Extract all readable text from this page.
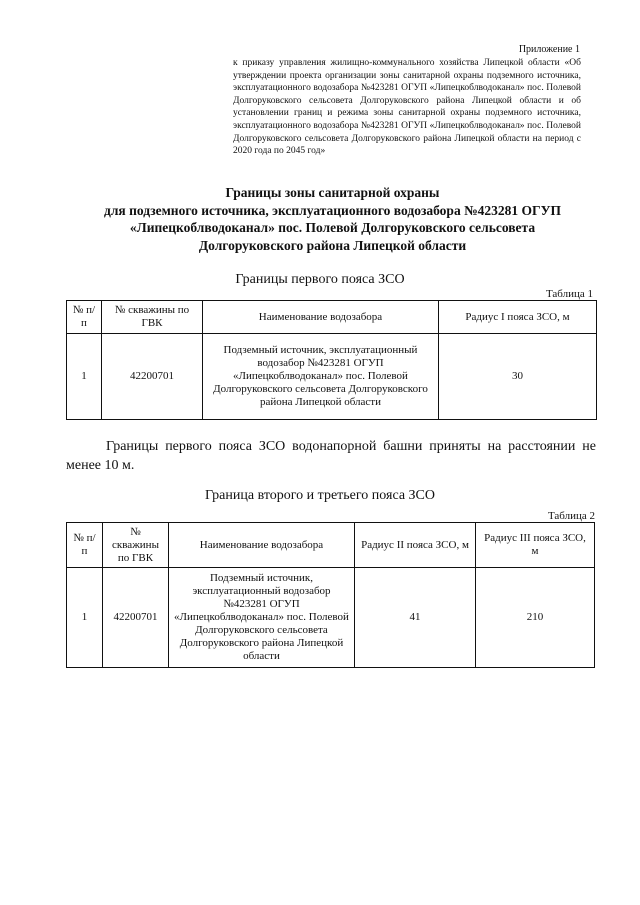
Приложение 1
к приказу управления жилищно-коммунального хозяйства Липецкой области «Об утверждении проекта организации зоны санитарной охраны подземного источника, эксплуатационного водозабора №423281 ОГУП «Липецкоблводоканал» пос. Полевой Долгоруковского сельсовета Долгоруковского района Липецкой области и об установлении границ и режима зоны санитарной охраны подземного источника, эксплуатационного водозабора №423281 ОГУП «Липецкоблводоканал» пос. Полевой Долгоруковского сельсовета Долгоруковского района Липецкой области на период с 2020 года по 2045 год»
Границы зоны санитарной охраны
для подземного источника, эксплуатационного водозабора №423281 ОГУП
«Липецкоблводоканал» пос. Полевой Долгоруковского сельсовета
Долгоруковского района Липецкой области
Границы первого пояса ЗСО
Таблица 1
№ п/п	№ скважины по ГВК	Наименование водозабора	Радиус I пояса ЗСО, м
1	42200701	Подземный источник, эксплуатационный водозабор №423281 ОГУП «Липецкоблводоканал» пос. Полевой Долгоруковского сельсовета Долгоруковского района Липецкой области	30
Границы первого пояса ЗСО водонапорной башни приняты на расстоянии не менее 10 м.
Граница второго и третьего пояса ЗСО
Таблица 2
№ п/п	№ скважины по ГВК	Наименование водозабора	Радиус II пояса ЗСО, м	Радиус III пояса ЗСО, м
1	42200701	Подземный источник, эксплуатационный водозабор №423281 ОГУП «Липецкоблводоканал» пос. Полевой Долгоруковского сельсовета Долгоруковского района Липецкой области	41	210
